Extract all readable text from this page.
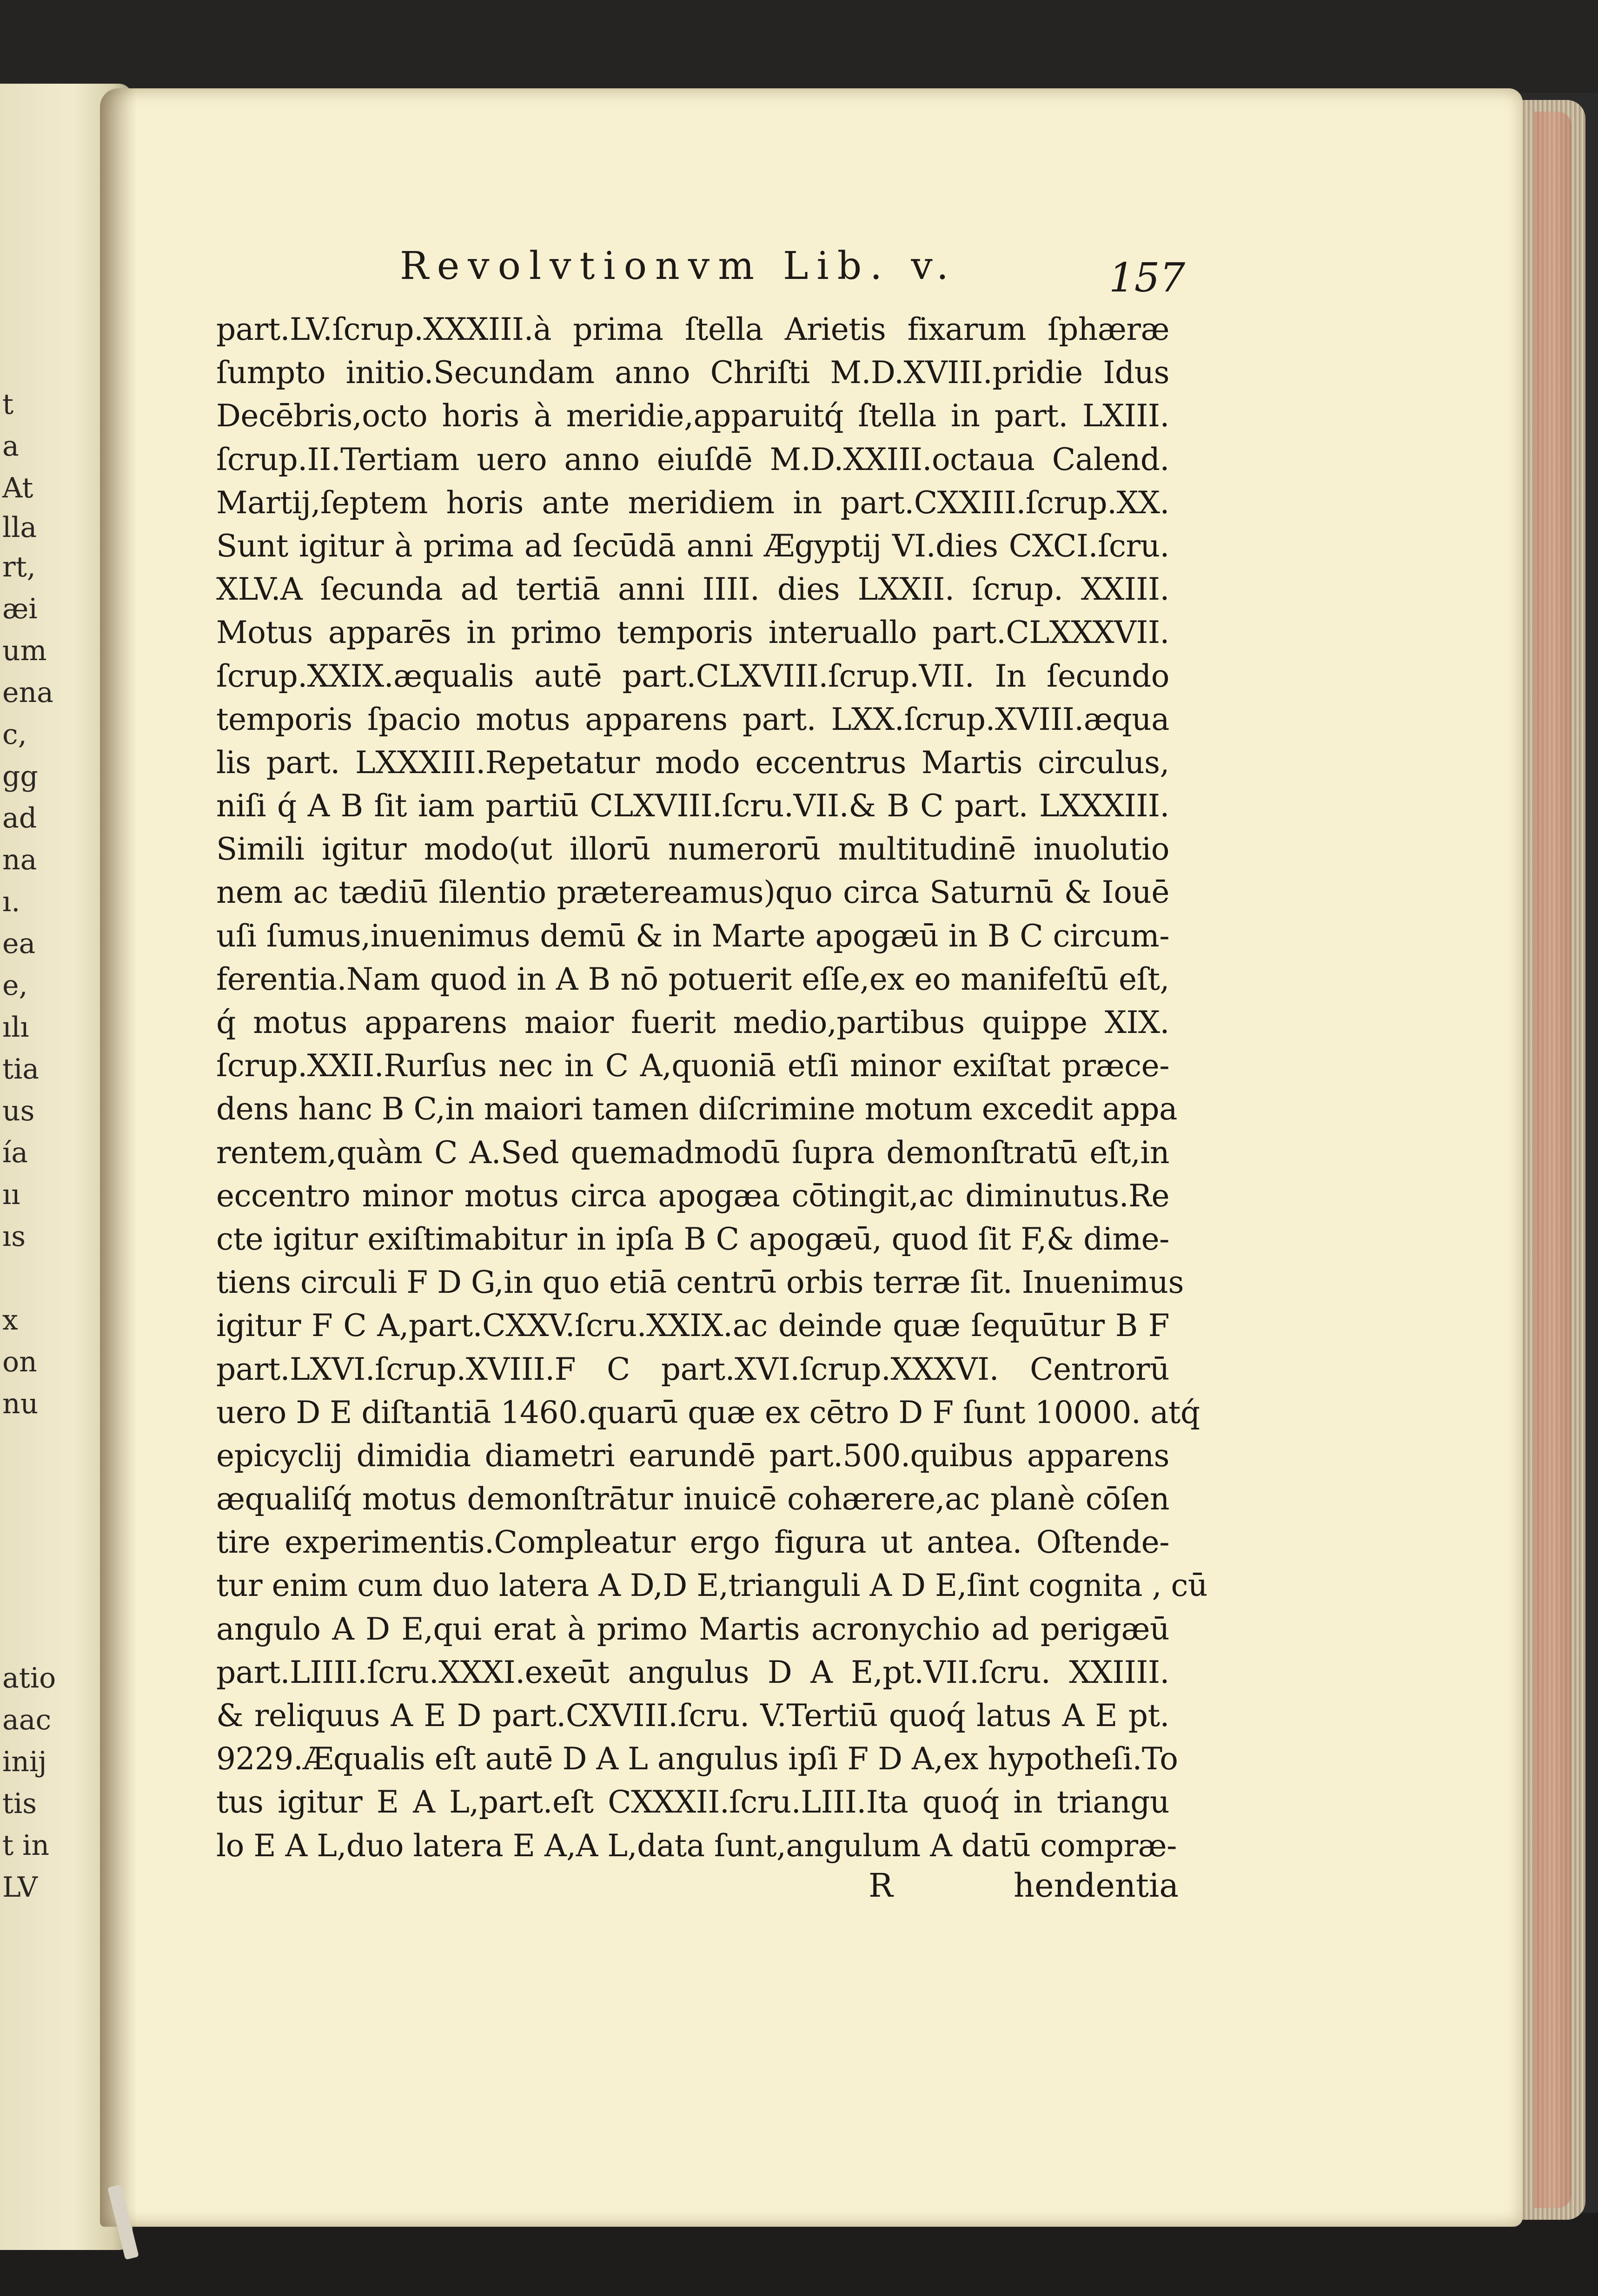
t
a
At
lla
rt,
æi
um
ena
c,
gg
ad
na
ı.
ea
e,
ılı
tia
us
ía
ıı
ıs
x
on
nu
atio
aac
inij
tis
t in
LV
Revolvtionvm Lib. v.	157
part.LV.ſcrup.XXXIII.à prima ſtella Arietis fixarum ſphæræ
ſumpto initio.Secundam anno Chriſti M.D.XVIII.pridie Idus
Decēbris,octo horis à meridie,apparuitq́ ſtella in part. LXIII.
ſcrup.II.Tertiam uero anno eiuſdē M.D.XXIII.octaua Calend.
Martij,ſeptem horis ante meridiem in part.CXXIII.ſcrup.XX.
Sunt igitur à prima ad ſecūdā anni Ægyptij VI.dies CXCI.ſcru.
XLV.A ſecunda ad tertiā anni IIII. dies LXXII. ſcrup. XXIII.
Motus apparēs in primo temporis interuallo part.CLXXXVII.
ſcrup.XXIX.æqualis autē part.CLXVIII.ſcrup.VII. In ſecundo
temporis ſpacio motus apparens part. LXX.ſcrup.XVIII.æqua
lis part. LXXXIII.Repetatur modo eccentrus Martis circulus,
niſi q́ A B ſit iam partiū CLXVIII.ſcru.VII.& B C part. LXXXIII.
Simili igitur modo(ut illorū numerorū multitudinē inuolutio
nem ac tædiū ſilentio prætereamus)quo circa Saturnū & Iouē
uſi ſumus,inuenimus demū & in Marte apogæū in B C circum-
ferentia.Nam quod in A B nō potuerit eſſe,ex eo manifeſtū eſt,
q́ motus apparens maior fuerit medio,partibus quippe XIX.
ſcrup.XXII.Rurſus nec in C A,quoniā etſi minor exiſtat præce-
dens hanc B C,in maiori tamen diſcrimine motum excedit appa
rentem,quàm C A.Sed quemadmodū ſupra demonſtratū eſt,in
eccentro minor motus circa apogæa cōtingit,ac diminutus.Re
cte igitur exiſtimabitur in ipſa B C apogæū, quod ſit F,& dime-
tiens circuli F D G,in quo etiā centrū orbis terræ ſit. Inuenimus
igitur F C A,part.CXXV.ſcru.XXIX.ac deinde quæ ſequūtur B F
part.LXVI.ſcrup.XVIII.F C part.XVI.ſcrup.XXXVI. Centrorū
uero D E diſtantiā 1460.quarū quæ ex cētro D F ſunt 10000. atq́
epicyclij dimidia diametri earundē part.500.quibus apparens
æqualiſq́ motus demonſtrātur inuicē cohærere,ac planè cōſen
tire experimentis.Compleatur ergo figura ut antea. Oſtende-
tur enim cum duo latera A D,D E,trianguli A D E,ſint cognita , cū
angulo A D E,qui erat à primo Martis acronychio ad perigæū
part.LIIII.ſcru.XXXI.exeūt angulus D A E,pt.VII.ſcru. XXIIII.
& reliquus A E D part.CXVIII.ſcru. V.Tertiū quoq́ latus A E pt.
9229.Æqualis eſt autē D A L angulus ipſi F D A,ex hypotheſi.To
tus igitur E A L,part.eſt CXXXII.ſcru.LIII.Ita quoq́ in triangu
lo E A L,duo latera E A,A L,data ſunt,angulum A datū compræ-
R	hendentia
